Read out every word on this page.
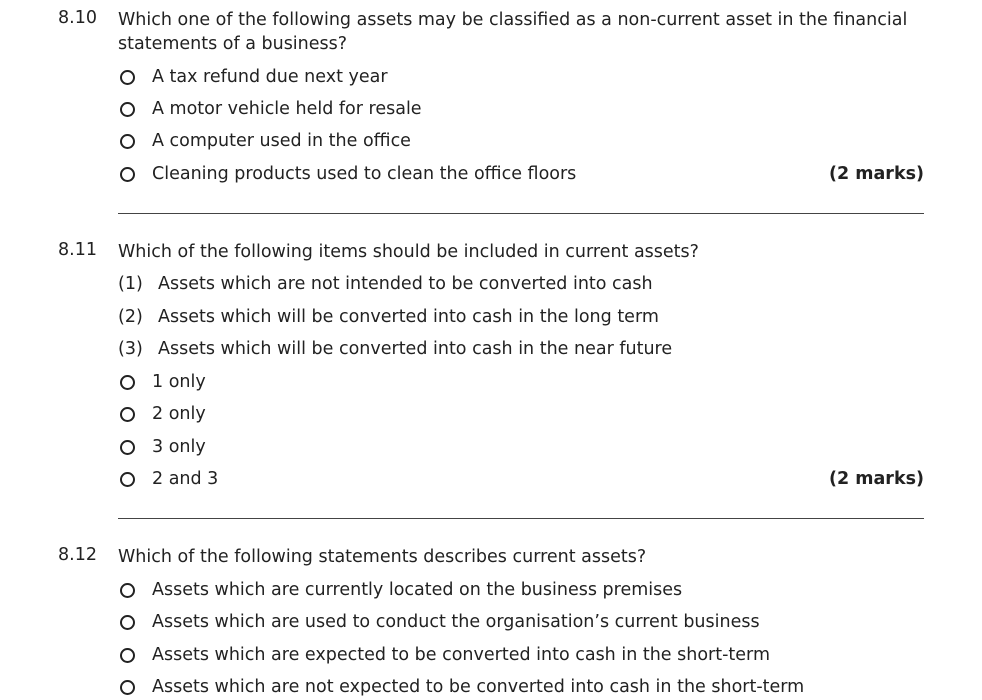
8.10 Which one of the following assets may be classified as a non-current asset in the financial statements of a business?
A tax refund due next year
A motor vehicle held for resale
A computer used in the office
Cleaning products used to clean the office floors	(2 marks)
8.11 Which of the following items should be included in current assets?
(1) Assets which are not intended to be converted into cash
(2) Assets which will be converted into cash in the long term
(3) Assets which will be converted into cash in the near future
1 only
2 only
3 only
2 and 3	(2 marks)
8.12 Which of the following statements describes current assets?
Assets which are currently located on the business premises
Assets which are used to conduct the organisation’s current business
Assets which are expected to be converted into cash in the short-term
Assets which are not expected to be converted into cash in the short-term
